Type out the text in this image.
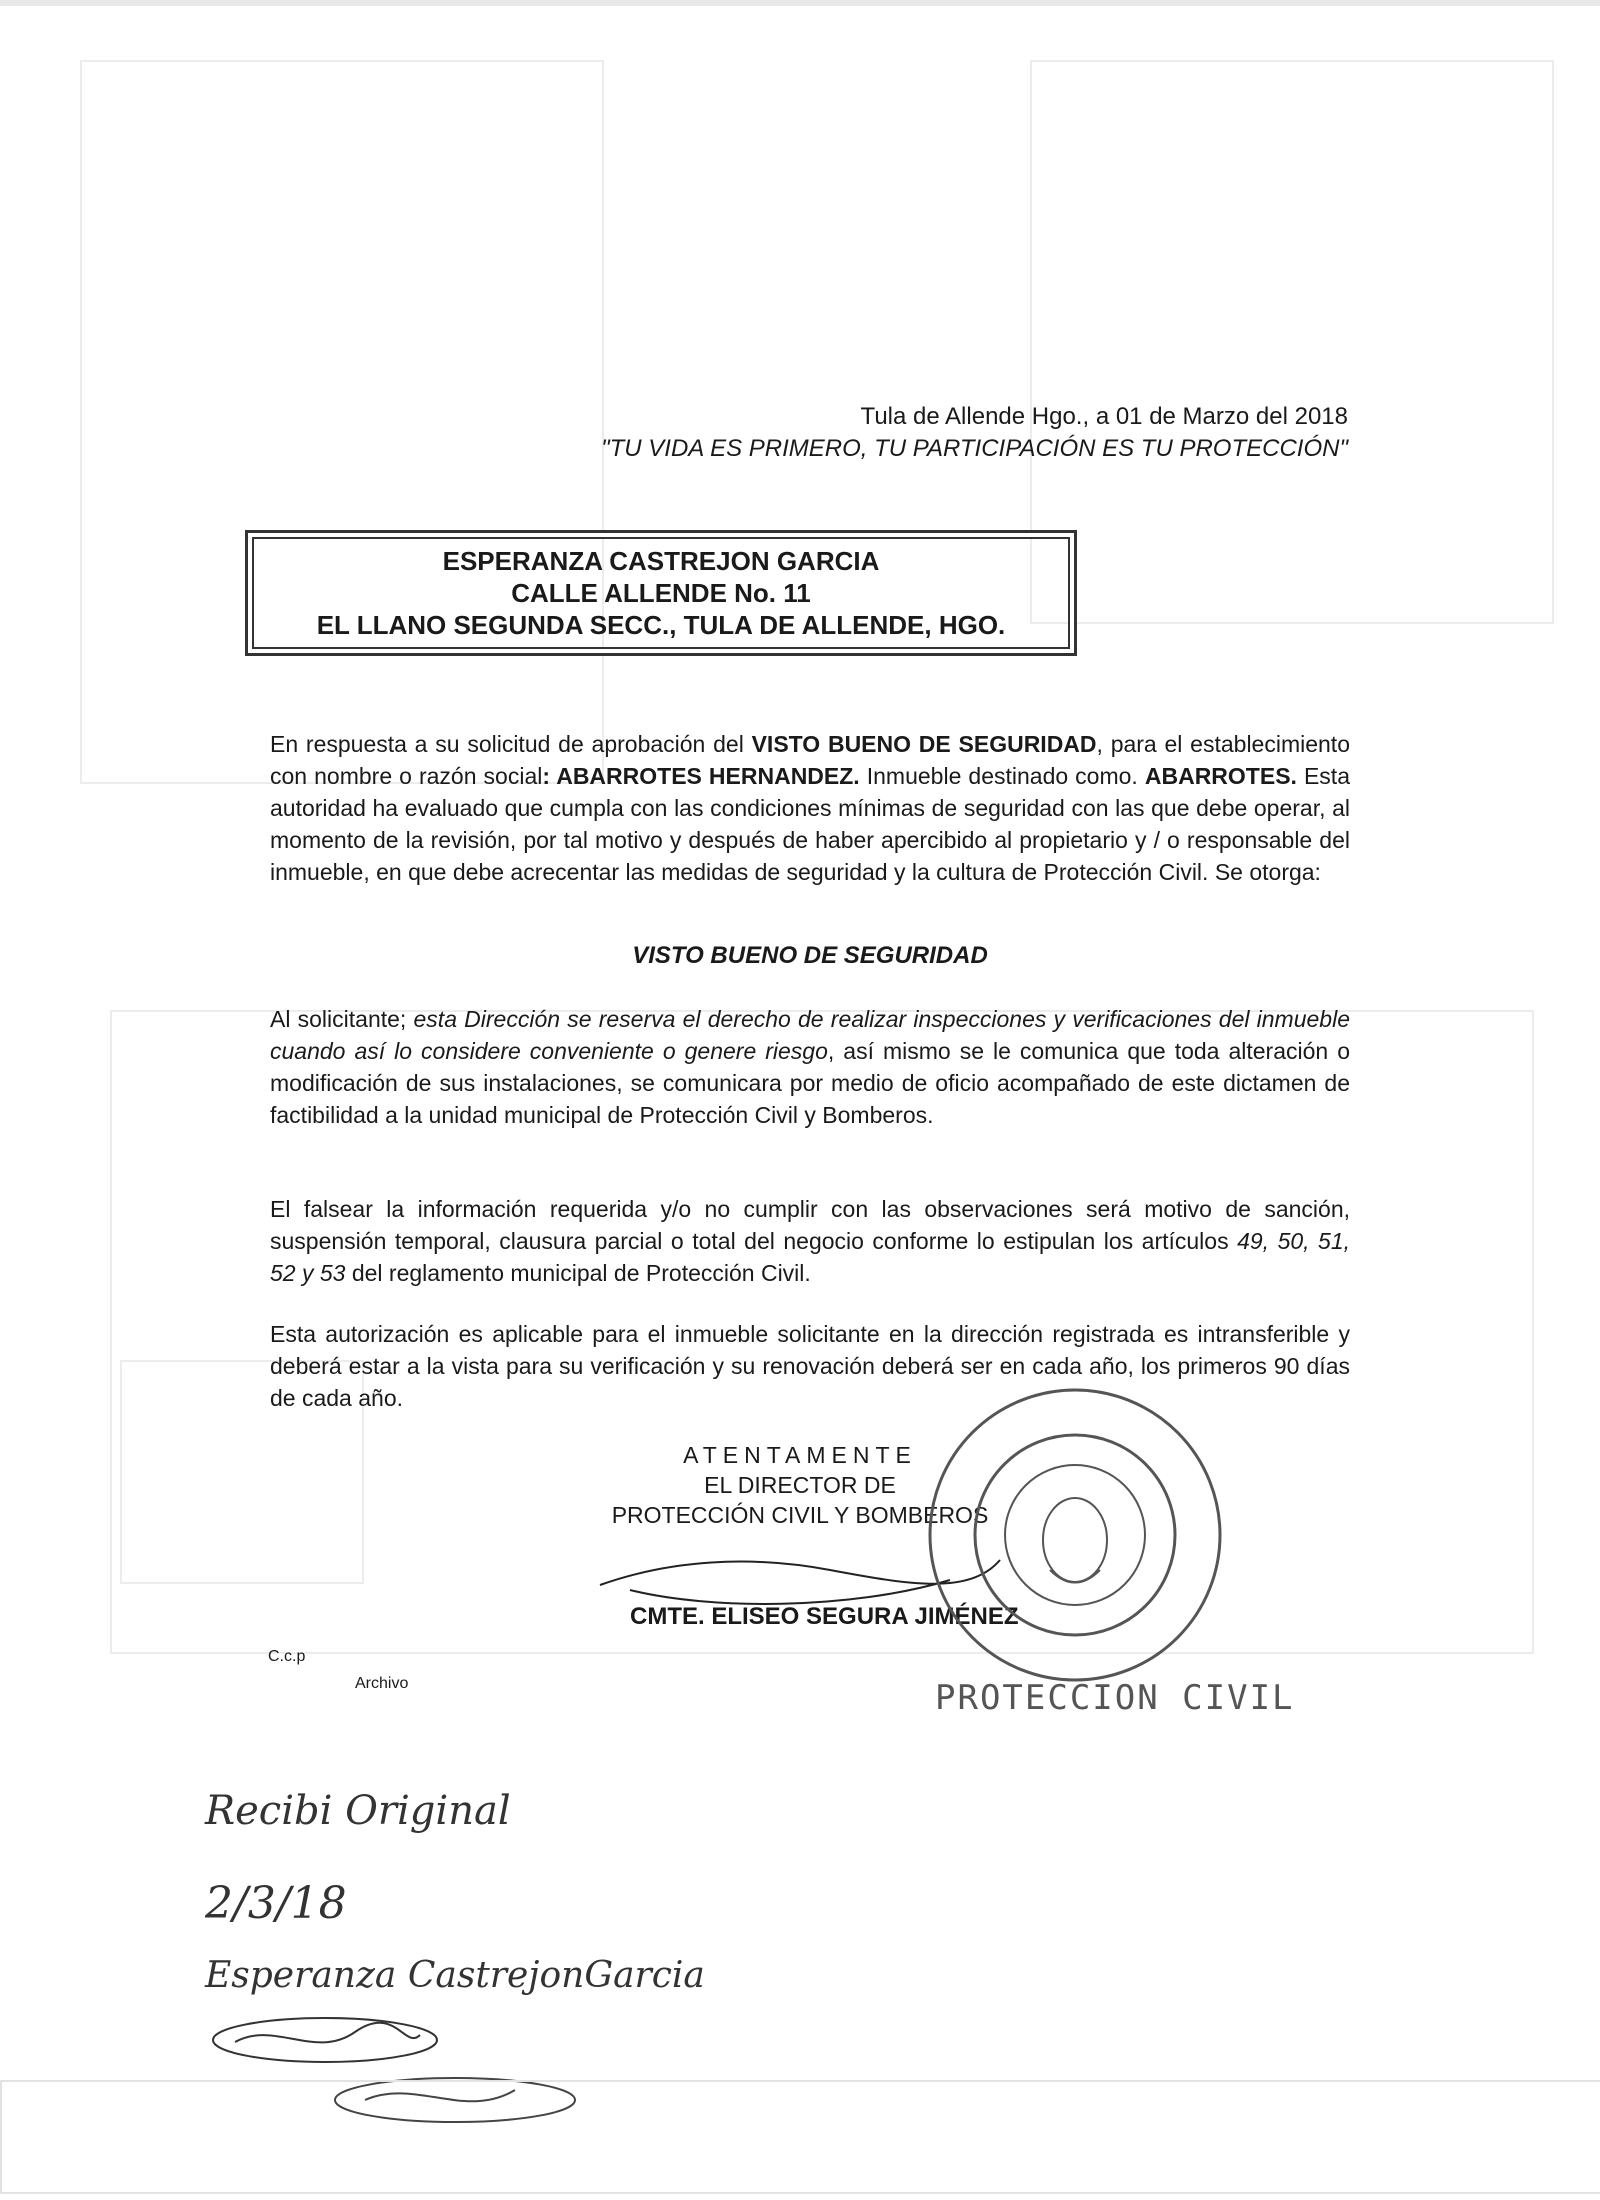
Tula de Allende Hgo., a 01 de Marzo del 2018
"TU VIDA ES PRIMERO, TU PARTICIPACIÓN ES TU PROTECCIÓN"
ESPERANZA CASTREJON GARCIA
CALLE ALLENDE No. 11
EL LLANO SEGUNDA SECC., TULA DE ALLENDE, HGO.
En respuesta a su solicitud de aprobación del VISTO BUENO DE SEGURIDAD, para el establecimiento con nombre o razón social: ABARROTES HERNANDEZ. Inmueble destinado como. ABARROTES. Esta autoridad ha evaluado que cumpla con las condiciones mínimas de seguridad con las que debe operar, al momento de la revisión, por tal motivo y después de haber apercibido al propietario y / o responsable del inmueble, en que debe acrecentar las medidas de seguridad y la cultura de Protección Civil. Se otorga:
VISTO BUENO DE SEGURIDAD
Al solicitante; esta Dirección se reserva el derecho de realizar inspecciones y verificaciones del inmueble cuando así lo considere conveniente o genere riesgo, así mismo se le comunica que toda alteración o modificación de sus instalaciones, se comunicara por medio de oficio acompañado de este dictamen de factibilidad a la unidad municipal de Protección Civil y Bomberos.
El falsear la información requerida y/o no cumplir con las observaciones será motivo de sanción, suspensión temporal, clausura parcial o total del negocio conforme lo estipulan los artículos 49, 50, 51, 52 y 53 del reglamento municipal de Protección Civil.
Esta autorización es aplicable para el inmueble solicitante en la dirección registrada es intransferible y deberá estar a la vista para su verificación y su renovación deberá ser en cada año, los primeros 90 días de cada año.
ATENTAMENTE
EL DIRECTOR DE
PROTECCIÓN CIVIL Y BOMBEROS
CMTE. ELISEO SEGURA JIMÉNEZ
C.c.p
Archivo	PROTECCION CIVIL
Recibi Original
2/3/18
Esperanza CastrejonGarcia
